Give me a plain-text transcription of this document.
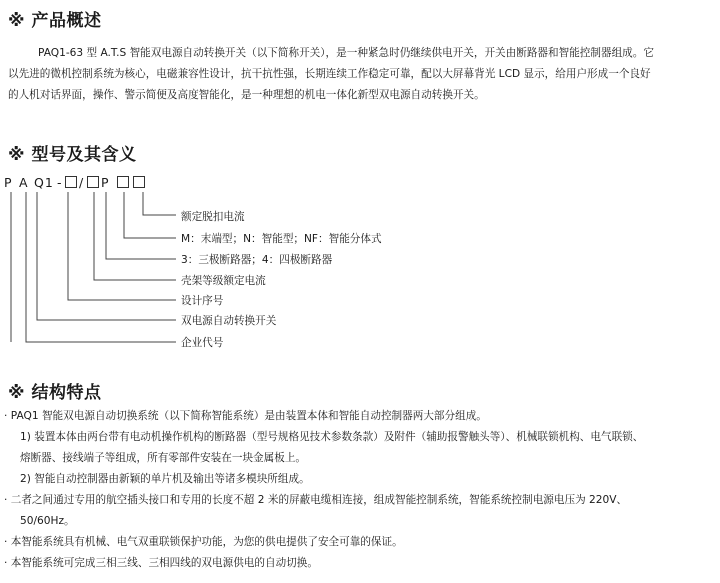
※ 产品概述
PAQ1-63 型 A.T.S 智能双电源自动转换开关（以下简称开关），是一种紧急时仍继续供电开关，开关由断路器和智能控制器组成。它
以先进的微机控制系统为核心，电磁兼容性设计，抗干抗性强，长期连续工作稳定可靠，配以大屏幕背光 LCD 显示，给用户形成一个良好
的人机对话界面，操作、警示简便及高度智能化，是一种理想的机电一体化新型双电源自动转换开关。
※ 型号及其含义
P A Q1 - / P
额定脱扣电流
M：末端型；N：智能型；NF：智能分体式
3：三极断路器；4：四极断路器
壳架等级额定电流
设计序号
双电源自动转换开关
企业代号
※ 结构特点
· PAQ1 智能双电源自动切换系统（以下简称智能系统）是由装置本体和智能自动控制器两大部分组成。
1) 装置本体由两台带有电动机操作机构的断路器（型号规格见技术参数条款）及附件（辅助报警触头等）、机械联锁机构、电气联锁、
熔断器、接线端子等组成，所有零部件安装在一块金属板上。
2) 智能自动控制器由新颖的单片机及输出等诸多模块所组成。
· 二者之间通过专用的航空插头接口和专用的长度不超 2 米的屏蔽电缆相连接，组成智能控制系统，智能系统控制电源电压为 220V、
50/60Hz。
· 本智能系统具有机械、电气双重联锁保护功能，为您的供电提供了安全可靠的保证。
· 本智能系统可完成三相三线、三相四线的双电源供电的自动切换。
